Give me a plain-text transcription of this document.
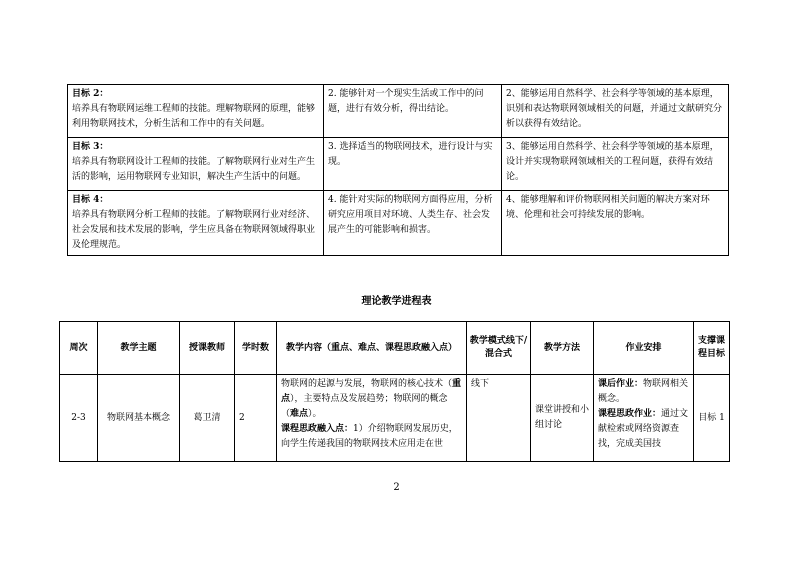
目标 2：
培养具有物联网运维工程师的技能。理解物联网的原理，能够利用物联网技术，分析生活和工作中的有关问题。	2. 能够针对一个现实生活或工作中的问题，进行有效分析，得出结论。	2、能够运用自然科学、社会科学等领域的基本原理，识别和表达物联网领域相关的问题，并通过文献研究分析以获得有效结论。
目标 3：
培养具有物联网设计工程师的技能。了解物联网行业对生产生活的影响，运用物联网专业知识，解决生产生活中的问题。	3. 选择适当的物联网技术，进行设计与实现。	3、能够运用自然科学、社会科学等领域的基本原理，设计并实现物联网领域相关的工程问题，获得有效结论。
目标 4：
培养具有物联网分析工程师的技能。了解物联网行业对经济、社会发展和技术发展的影响，学生应具备在物联网领域得职业及伦理规范。	4. 能针对实际的物联网方面得应用，分析研究应用项目对环境、人类生存、社会发展产生的可能影响和损害。	4、能够理解和评价物联网相关问题的解决方案对环境、伦理和社会可持续发展的影响。
理论教学进程表
周次	教学主题	授课教师	学时数	教学内容（重点、难点、课程思政融入点）	教学模式线下/混合式	教学方法	作业安排	支撑课程目标
2-3	物联网基本概念	葛卫清	2	物联网的起源与发展，物联网的核心技术（重点），主要特点及发展趋势；物联网的概念（难点）。
课程思政融入点：1）介绍物联网发展历史，向学生传递我国的物联网技术应用走在世	线下	课堂讲授和小组讨论	课后作业：物联网相关概念。
课程思政作业：通过文献检索或网络资源查找，完成美国技	目标 1
2
